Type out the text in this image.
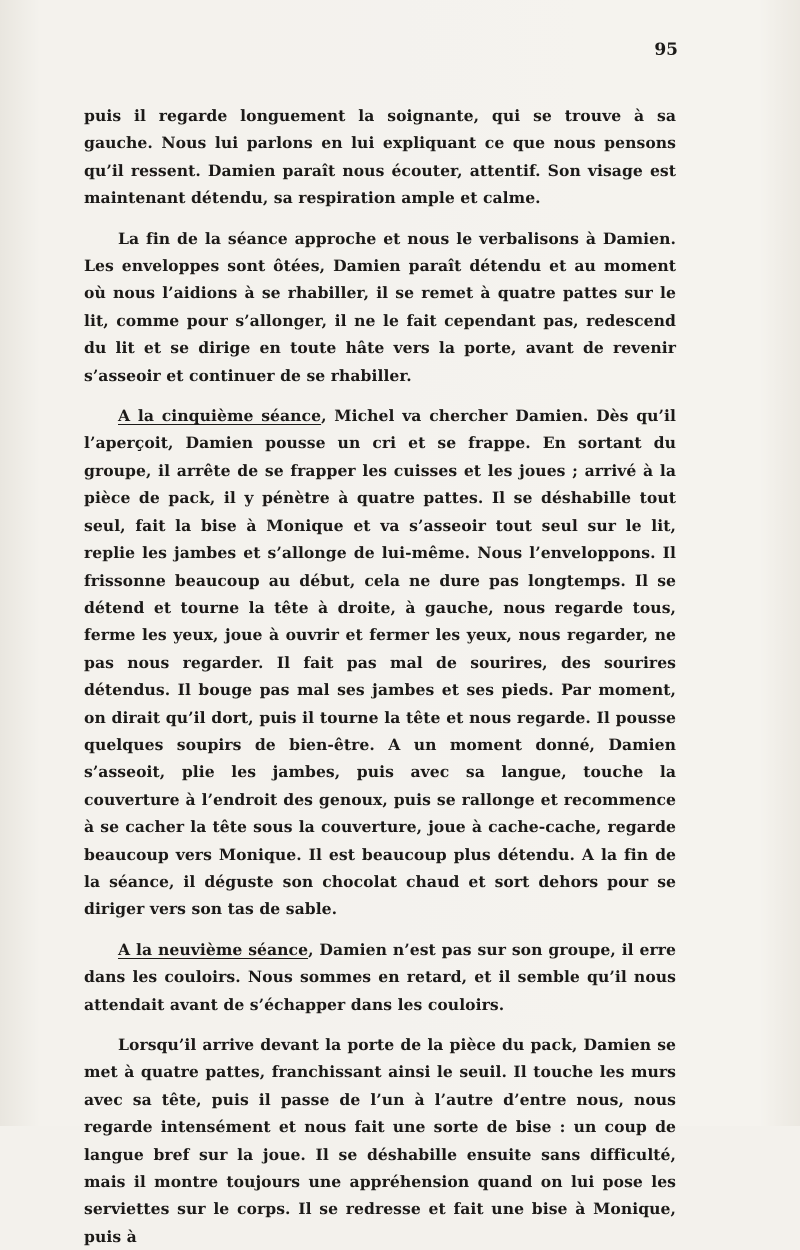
95

puis il regarde longuement la soignante, qui se trouve à sa gauche. Nous lui parlons en lui expliquant ce que nous pensons qu’il ressent. Damien paraît nous écouter, attentif. Son visage est maintenant détendu, sa respiration ample et calme.

La fin de la séance approche et nous le verbalisons à Damien. Les enveloppes sont ôtées, Damien paraît détendu et au moment où nous l’aidions à se rhabiller, il se remet à quatre pattes sur le lit, comme pour s’allonger, il ne le fait cependant pas, redescend du lit et se dirige en toute hâte vers la porte, avant de revenir s’asseoir et continuer de se rhabiller.

A la cinquième séance, Michel va chercher Damien. Dès qu’il l’aperçoit, Damien pousse un cri et se frappe. En sortant du groupe, il arrête de se frapper les cuisses et les joues ; arrivé à la pièce de pack, il y pénètre à quatre pattes. Il se déshabille tout seul, fait la bise à Monique et va s’asseoir tout seul sur le lit, replie les jambes et s’allonge de lui-même. Nous l’enveloppons. Il frissonne beaucoup au début, cela ne dure pas longtemps. Il se détend et tourne la tête à droite, à gauche, nous regarde tous, ferme les yeux, joue à ouvrir et fermer les yeux, nous regarder, ne pas nous regarder. Il fait pas mal de sourires, des sourires détendus. Il bouge pas mal ses jambes et ses pieds. Par moment, on dirait qu’il dort, puis il tourne la tête et nous regarde. Il pousse quelques soupirs de bien-être. A un moment donné, Damien s’asseoit, plie les jambes, puis avec sa langue, touche la couverture à l’endroit des genoux, puis se rallonge et recommence à se cacher la tête sous la couverture, joue à cache-cache, regarde beaucoup vers Monique. Il est beaucoup plus détendu. A la fin de la séance, il déguste son chocolat chaud et sort dehors pour se diriger vers son tas de sable.

A la neuvième séance, Damien n’est pas sur son groupe, il erre dans les couloirs. Nous sommes en retard, et il semble qu’il nous attendait avant de s’échapper dans les couloirs.

Lorsqu’il arrive devant la porte de la pièce du pack, Damien se met à quatre pattes, franchissant ainsi le seuil. Il touche les murs avec sa tête, puis il passe de l’un à l’autre d’entre nous, nous regarde intensément et nous fait une sorte de bise : un coup de langue bref sur la joue. Il se déshabille ensuite sans difficulté, mais il montre toujours une appréhension quand on lui pose les serviettes sur le corps. Il se redresse et fait une bise à Monique, puis à
